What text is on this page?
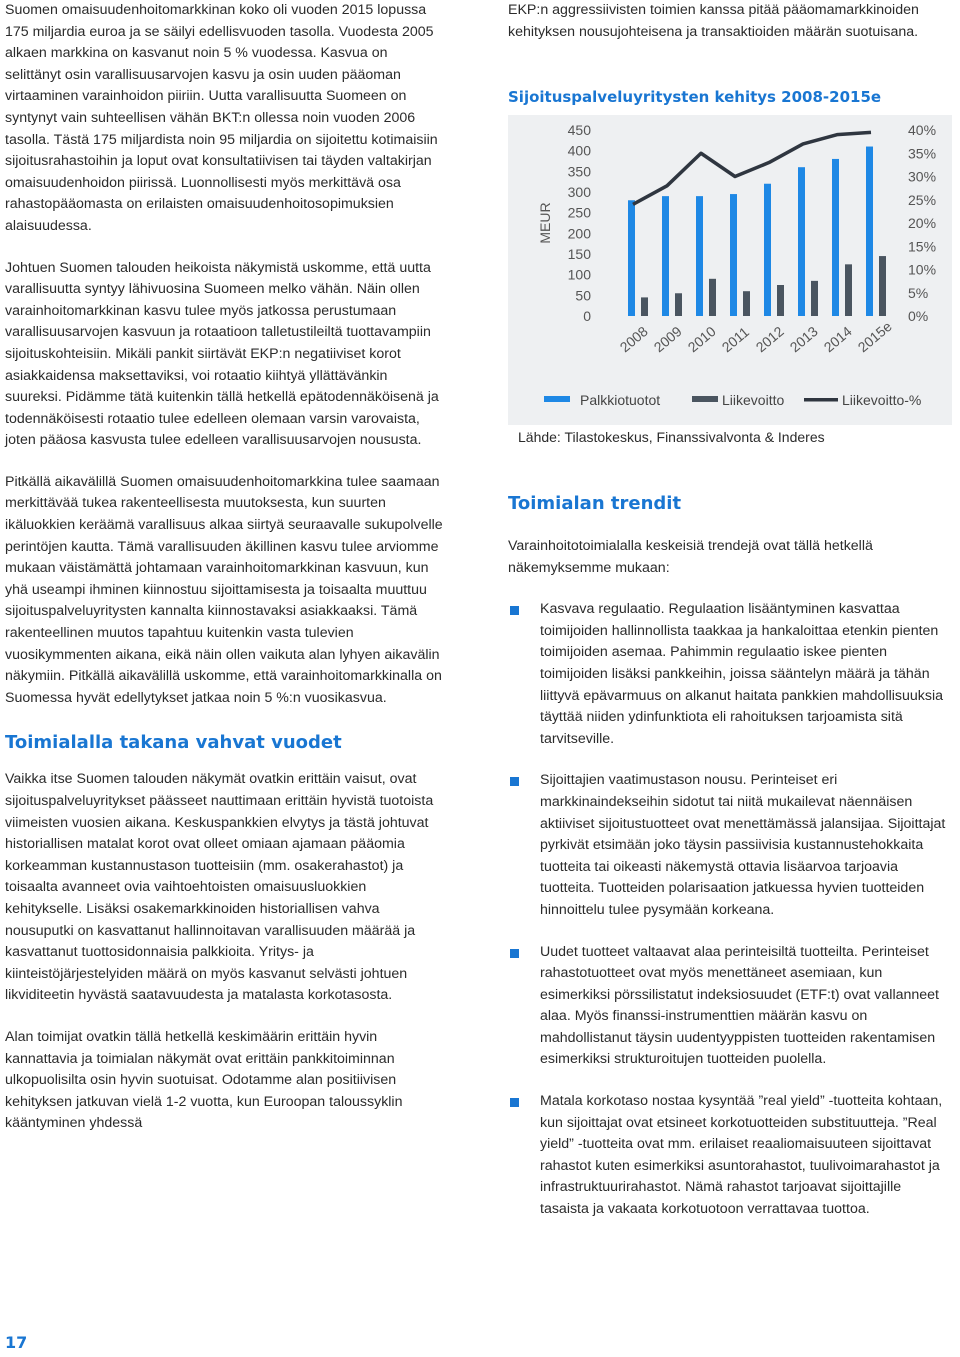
Suomen omaisuudenhoitomarkkinan koko oli vuoden 2015 lopussa 175 miljardia euroa ja se säilyi edellisvuoden tasolla. Vuodesta 2005 alkaen markkina on kasvanut noin 5 % vuodessa. Kasvua on selittänyt osin varallisuusarvojen kasvu ja osin uuden pääoman virtaaminen varainhoidon piiriin. Uutta varallisuutta Suomeen on syntynyt vain suhteellisen vähän BKT:n ollessa noin vuoden 2006 tasolla. Tästä 175 miljardista noin 95 miljardia on sijoitettu kotimaisiin sijoitusrahastoihin ja loput ovat konsultatiivisen tai täyden valtakirjan omaisuudenhoidon piirissä. Luonnollisesti myös merkittävä osa rahastopääomasta on erilaisten omaisuudenhoitosopimuksien alaisuudessa.

Johtuen Suomen talouden heikoista näkymistä uskomme, että uutta varallisuutta syntyy lähivuosina Suomeen melko vähän. Näin ollen varainhoitomarkkinan kasvu tulee myös jatkossa perustumaan varallisuusarvojen kasvuun ja rotaatioon talletustileiltä tuottavampiin sijoituskohteisiin. Mikäli pankit siirtävät EKP:n negatiiviset korot asiakkaidensa maksettaviksi, voi rotaatio kiihtyä yllättävänkin suureksi. Pidämme tätä kuitenkin tällä hetkellä epätodennäköisenä ja todennäköisesti rotaatio tulee edelleen olemaan varsin varovaista, joten pääosa kasvusta tulee edelleen varallisuusarvojen noususta.

Pitkällä aikavälillä Suomen omaisuudenhoitomarkkina tulee saamaan merkittävää tukea rakenteellisesta muutoksesta, kun suurten ikäluokkien keräämä varallisuus alkaa siirtyä seuraavalle sukupolvelle perintöjen kautta. Tämä varallisuuden äkillinen kasvu tulee arviomme mukaan väistämättä johtamaan varainhoitomarkkinan kasvuun, kun yhä useampi ihminen kiinnostuu sijoittamisesta ja toisaalta muuttuu sijoituspalveluyritysten kannalta kiinnostavaksi asiakkaaksi. Tämä rakenteellinen muutos tapahtuu kuitenkin vasta tulevien vuosikymmenten aikana, eikä näin ollen vaikuta alan lyhyen aikavälin näkymiin. Pitkällä aikavälillä uskomme, että varainhoitomarkkinalla on Suomessa hyvät edellytykset jatkaa noin 5 %:n vuosikasvua.

Toimialalla takana vahvat vuodet

Vaikka itse Suomen talouden näkymät ovatkin erittäin vaisut, ovat sijoituspalveluyritykset päässeet nauttimaan erittäin hyvistä tuotoista viimeisten vuosien aikana. Keskuspankkien elvytys ja tästä johtuvat historiallisen matalat korot ovat olleet omiaan ajamaan pääomia korkeamman kustannustason tuotteisiin (mm. osakerahastot) ja toisaalta avanneet ovia vaihtoehtoisten omaisuusluokkien kehitykselle. Lisäksi osakemarkkinoiden historiallisen vahva nousuputki on kasvattanut hallinnoitavan varallisuuden määrää ja kasvattanut tuottosidonnaisia palkkioita. Yritys- ja kiinteistöjärjestelyiden määrä on myös kasvanut selvästi johtuen likviditeetin hyvästä saatavuudesta ja matalasta korkotasosta.

Alan toimijat ovatkin tällä hetkellä keskimäärin erittäin hyvin kannattavia ja toimialan näkymät ovat erittäin pankkitoiminnan ulkopuolisilta osin hyvin suotuisat. Odotamme alan positiivisen kehityksen jatkuvan vielä 1-2 vuotta, kun Euroopan taloussyklin kääntyminen yhdessä

EKP:n aggressiivisten toimien kanssa pitää pääomamarkkinoiden kehityksen nousujohteisena ja transaktioiden määrän suotuisana.

Sijoituspalveluyritysten kehitys 2008-2015e
450
400
350
300
250
200
150
100
50
0
40%
35%
30%
25%
20%
15%
10%
5%
0%
MEUR
2008 2009 2010 2011 2012 2013 2014 2015e
Palkkiotuotot	Liikevoitto	Liikevoitto-%
Lähde: Tilastokeskus, Finanssivalvonta & Inderes
Toimialan trendit

Varainhoitotoimialalla keskeisiä trendejä ovat tällä hetkellä näkemyksemme mukaan:

Kasvava regulaatio. Regulaation lisääntyminen kasvattaa toimijoiden hallinnollista taakkaa ja hankaloittaa etenkin pienten toimijoiden asemaa. Pahimmin regulaatio iskee pienten toimijoiden lisäksi pankkeihin, joissa sääntelyn määrä ja tähän liittyvä epävarmuus on alkanut haitata pankkien mahdollisuuksia täyttää niiden ydinfunktiota eli rahoituksen tarjoamista sitä tarvitseville.
Sijoittajien vaatimustason nousu. Perinteiset eri markkinaindekseihin sidotut tai niitä mukailevat näennäisen aktiiviset sijoitustuotteet ovat menettämässä jalansijaa. Sijoittajat pyrkivät etsimään joko täysin passiivisia kustannustehokkaita tuotteita tai oikeasti näkemystä ottavia lisäarvoa tarjoavia tuotteita. Tuotteiden polarisaation jatkuessa hyvien tuotteiden hinnoittelu tulee pysymään korkeana.
Uudet tuotteet valtaavat alaa perinteisiltä tuotteilta. Perinteiset rahastotuotteet ovat myös menettäneet asemiaan, kun esimerkiksi pörssilistatut indeksiosuudet (ETF:t) ovat vallanneet alaa. Myös finanssi-instrumenttien määrän kasvu on mahdollistanut täysin uudentyyppisten tuotteiden rakentamisen esimerkiksi strukturoitujen tuotteiden puolella.
Matala korkotaso nostaa kysyntää ”real yield” -tuotteita kohtaan, kun sijoittajat ovat etsineet korkotuotteiden substituutteja. ”Real yield” -tuotteita ovat mm. erilaiset reaaliomaisuuteen sijoittavat rahastot kuten esimerkiksi asuntorahastot, tuulivoimarahastot ja infrastruktuurirahastot. Nämä rahastot tarjoavat sijoittajille tasaista ja vakaata korkotuotoon verrattavaa tuottoa.
17
